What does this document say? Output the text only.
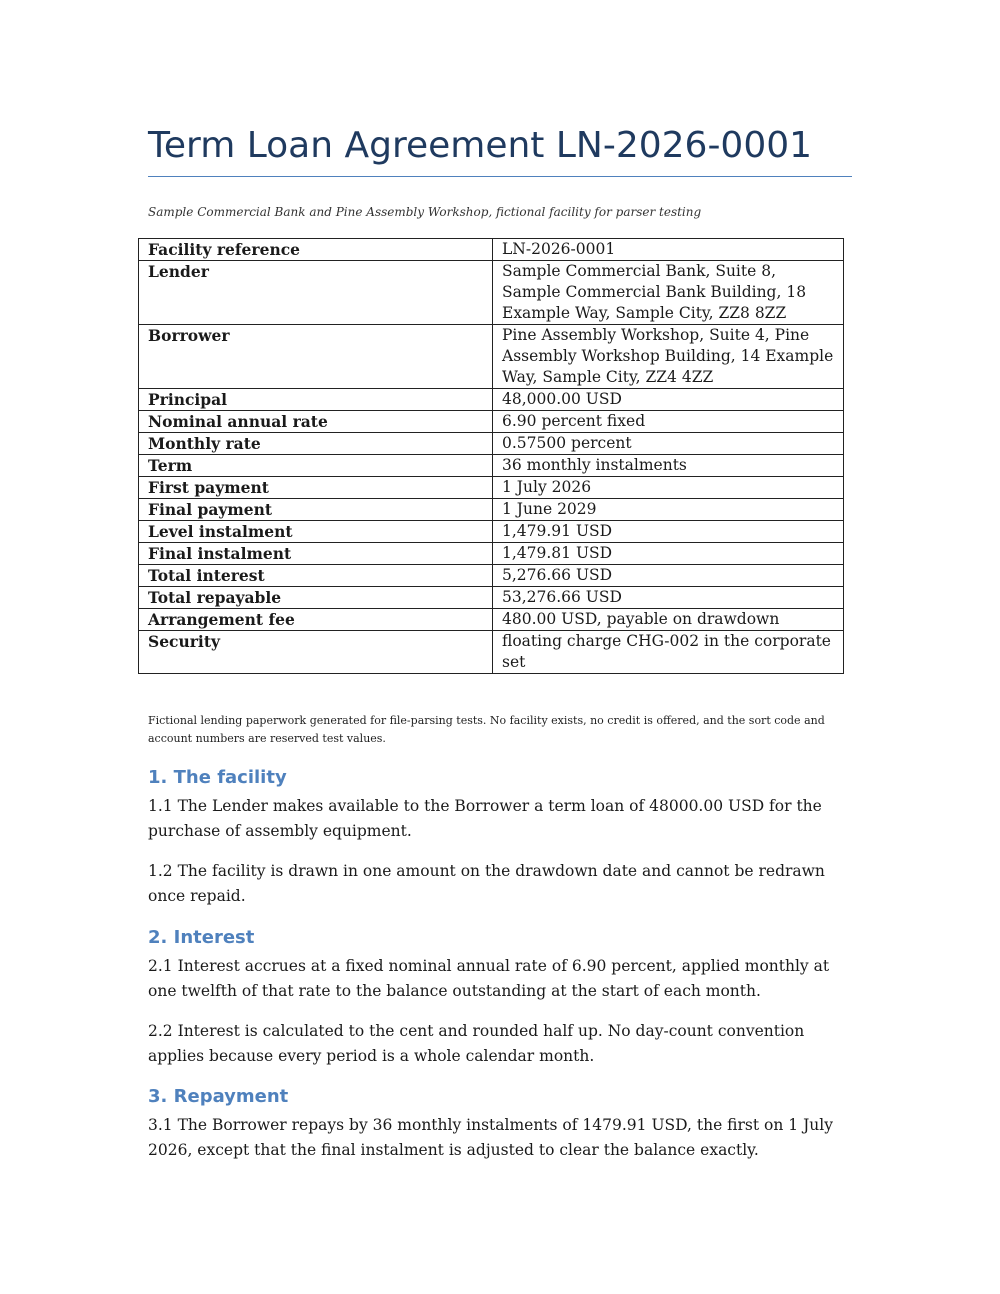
Term Loan Agreement LN-2026-0001
Sample Commercial Bank and Pine Assembly Workshop, fictional facility for parser testing
Facility reference	LN-2026-0001
Lender	Sample Commercial Bank, Suite 8, Sample Commercial Bank Building, 18 Example Way, Sample City, ZZ8 8ZZ
Borrower	Pine Assembly Workshop, Suite 4, Pine Assembly Workshop Building, 14 Example Way, Sample City, ZZ4 4ZZ
Principal	48,000.00 USD
Nominal annual rate	6.90 percent fixed
Monthly rate	0.57500 percent
Term	36 monthly instalments
First payment	1 July 2026
Final payment	1 June 2029
Level instalment	1,479.91 USD
Final instalment	1,479.81 USD
Total interest	5,276.66 USD
Total repayable	53,276.66 USD
Arrangement fee	480.00 USD, payable on drawdown
Security	floating charge CHG-002 in the corporate set
Fictional lending paperwork generated for file-parsing tests. No facility exists, no credit is offered, and the sort code and account numbers are reserved test values.
1. The facility

1.1 The Lender makes available to the Borrower a term loan of 48000.00 USD for the purchase of assembly equipment.

1.2 The facility is drawn in one amount on the drawdown date and cannot be redrawn once repaid.

2. Interest

2.1 Interest accrues at a fixed nominal annual rate of 6.90 percent, applied monthly at one twelfth of that rate to the balance outstanding at the start of each month.

2.2 Interest is calculated to the cent and rounded half up. No day-count convention applies because every period is a whole calendar month.

3. Repayment

3.1 The Borrower repays by 36 monthly instalments of 1479.91 USD, the first on 1 July 2026, except that the final instalment is adjusted to clear the balance exactly.
